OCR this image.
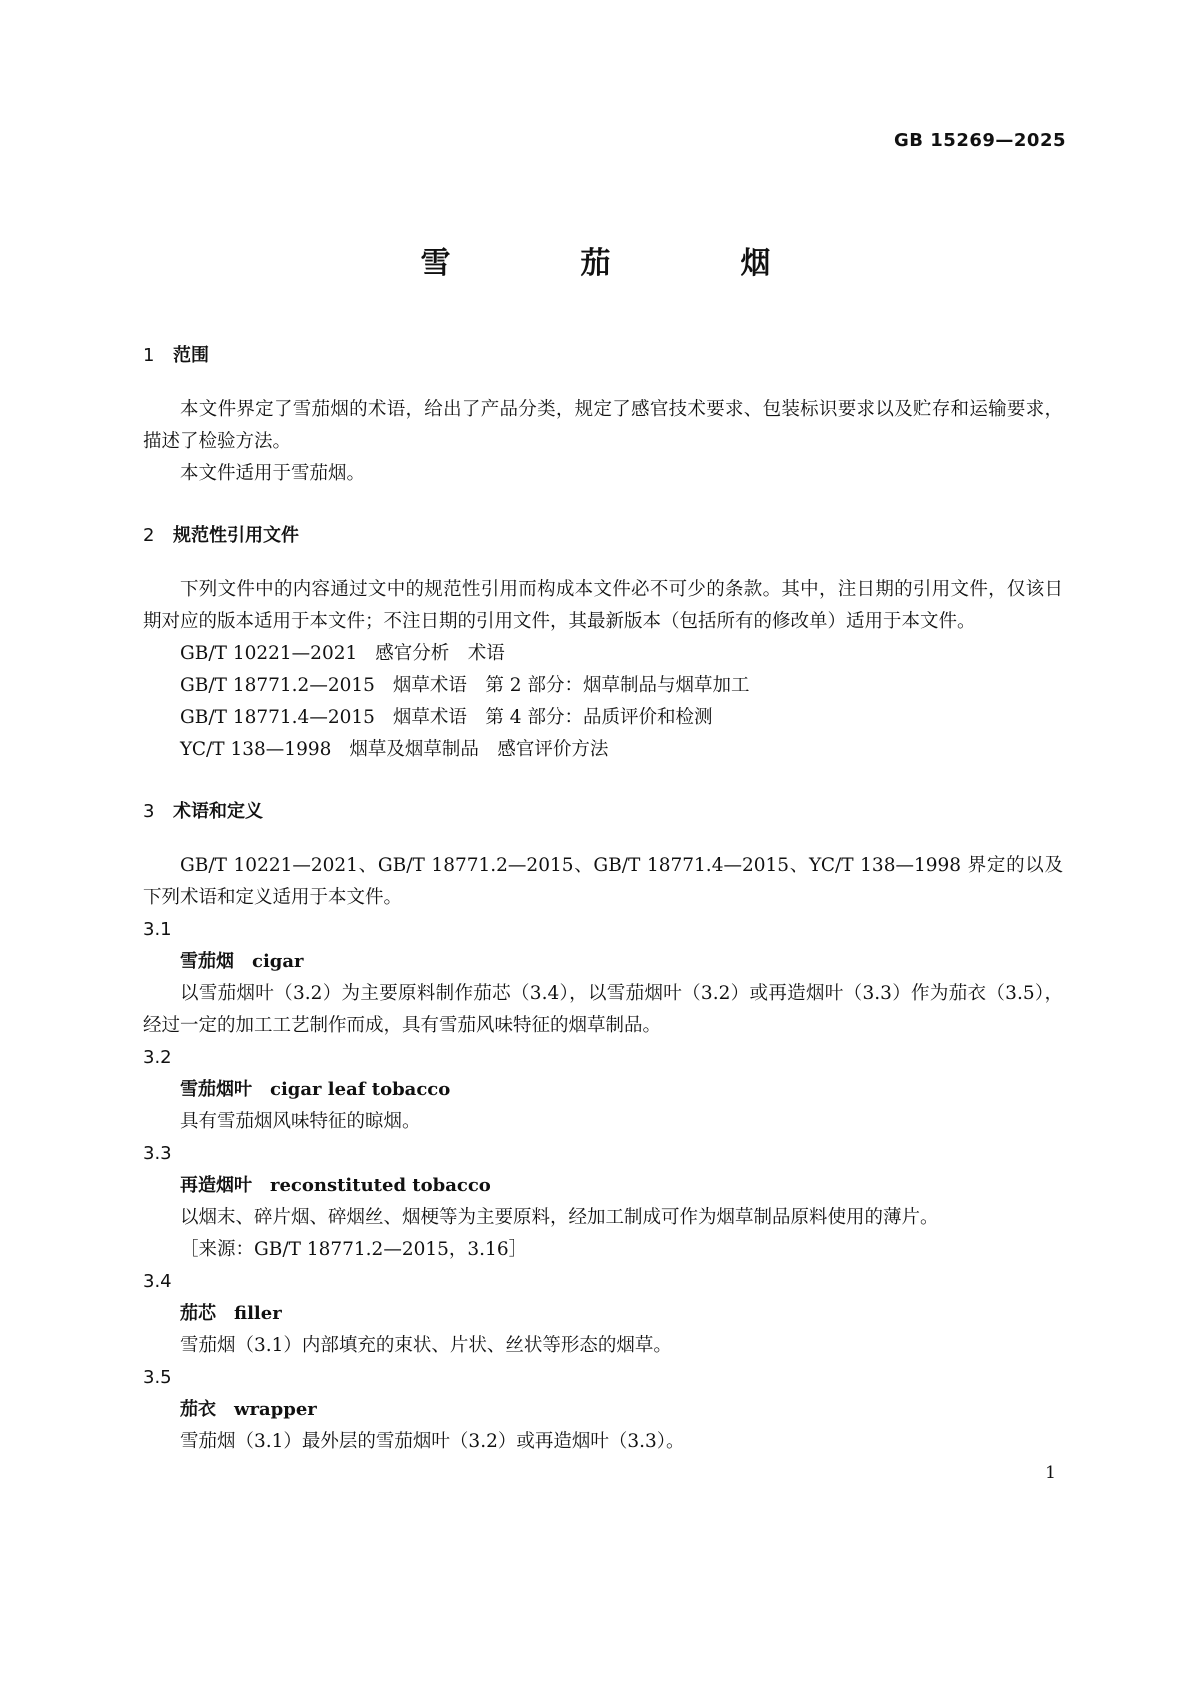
GB 15269—2025
雪　茄　烟
1 范围

本文件界定了雪茄烟的术语，给出了产品分类，规定了感官技术要求、包装标识要求以及贮存和运输要求，描述了检验方法。

本文件适用于雪茄烟。

2 规范性引用文件

下列文件中的内容通过文中的规范性引用而构成本文件必不可少的条款。其中，注日期的引用文件，仅该日期对应的版本适用于本文件；不注日期的引用文件，其最新版本（包括所有的修改单）适用于本文件。

GB/T 10221—2021 感官分析　术语

GB/T 18771.2—2015 烟草术语　第 2 部分：烟草制品与烟草加工

GB/T 18771.4—2015 烟草术语　第 4 部分：品质评价和检测

YC/T 138—1998 烟草及烟草制品　感官评价方法

3 术语和定义

GB/T 10221—2021、GB/T 18771.2—2015、GB/T 18771.4—2015、YC/T 138—1998 界定的以及下列术语和定义适用于本文件。

3.1

雪茄烟 cigar

以雪茄烟叶（3.2）为主要原料制作茄芯（3.4），以雪茄烟叶（3.2）或再造烟叶（3.3）作为茄衣（3.5），经过一定的加工工艺制作而成，具有雪茄风味特征的烟草制品。

3.2

雪茄烟叶 cigar leaf tobacco

具有雪茄烟风味特征的晾烟。

3.3

再造烟叶 reconstituted tobacco

以烟末、碎片烟、碎烟丝、烟梗等为主要原料，经加工制成可作为烟草制品原料使用的薄片。

［来源：GB/T 18771.2—2015，3.16］

3.4

茄芯 filler

雪茄烟（3.1）内部填充的束状、片状、丝状等形态的烟草。

3.5

茄衣 wrapper

雪茄烟（3.1）最外层的雪茄烟叶（3.2）或再造烟叶（3.3）。

1
